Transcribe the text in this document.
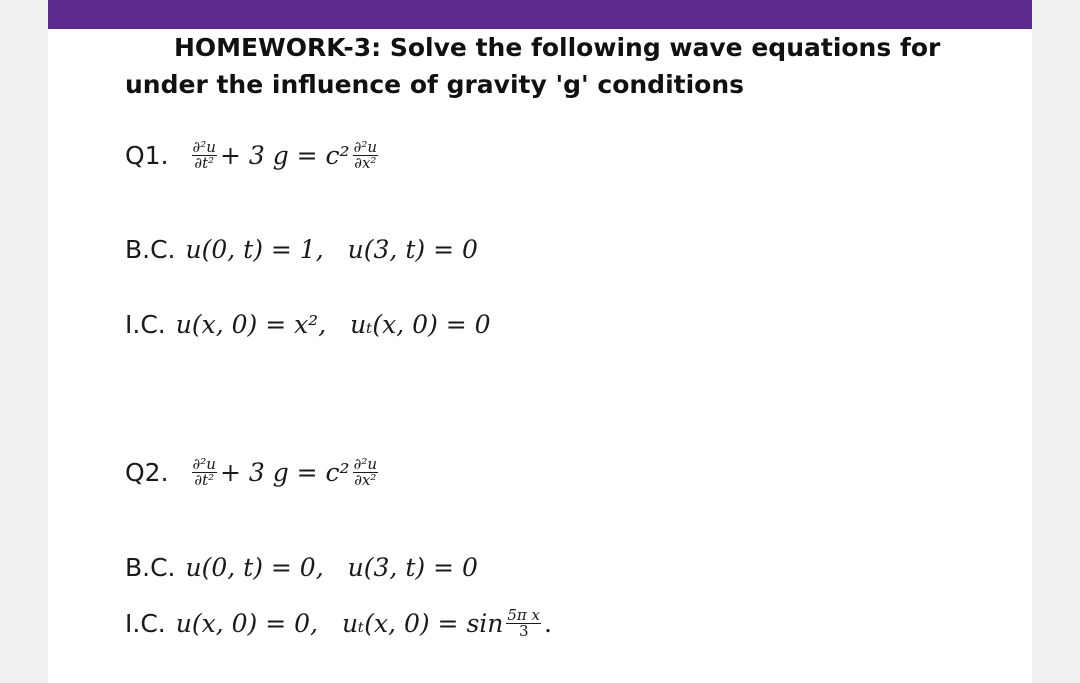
HOMEWORK-3: Solve the following wave equations for
under the influence of gravity 'g' conditions
Q1. $\frac{\text{∂²u}}{\text{∂t²}} + 3$ $g = c^2 \frac{\text{∂²u}}{\text{∂x²}}$
B.C. u(0, t) = 1, u(3, t) = 0
I.C. u(x, 0) = x², uₜ(x, 0) = 0
Q2. $\frac{\text{∂²u}}{\text{∂t²}} + 3$ $g = c^2 \frac{\text{∂²u}}{\text{∂x²}}$
B.C. u(0, t) = 0, u(3, t) = 0
I.C. u(x, 0) = 0, uₜ(x, $0) = \sin \frac{\text{5π x}}{3}$ .
